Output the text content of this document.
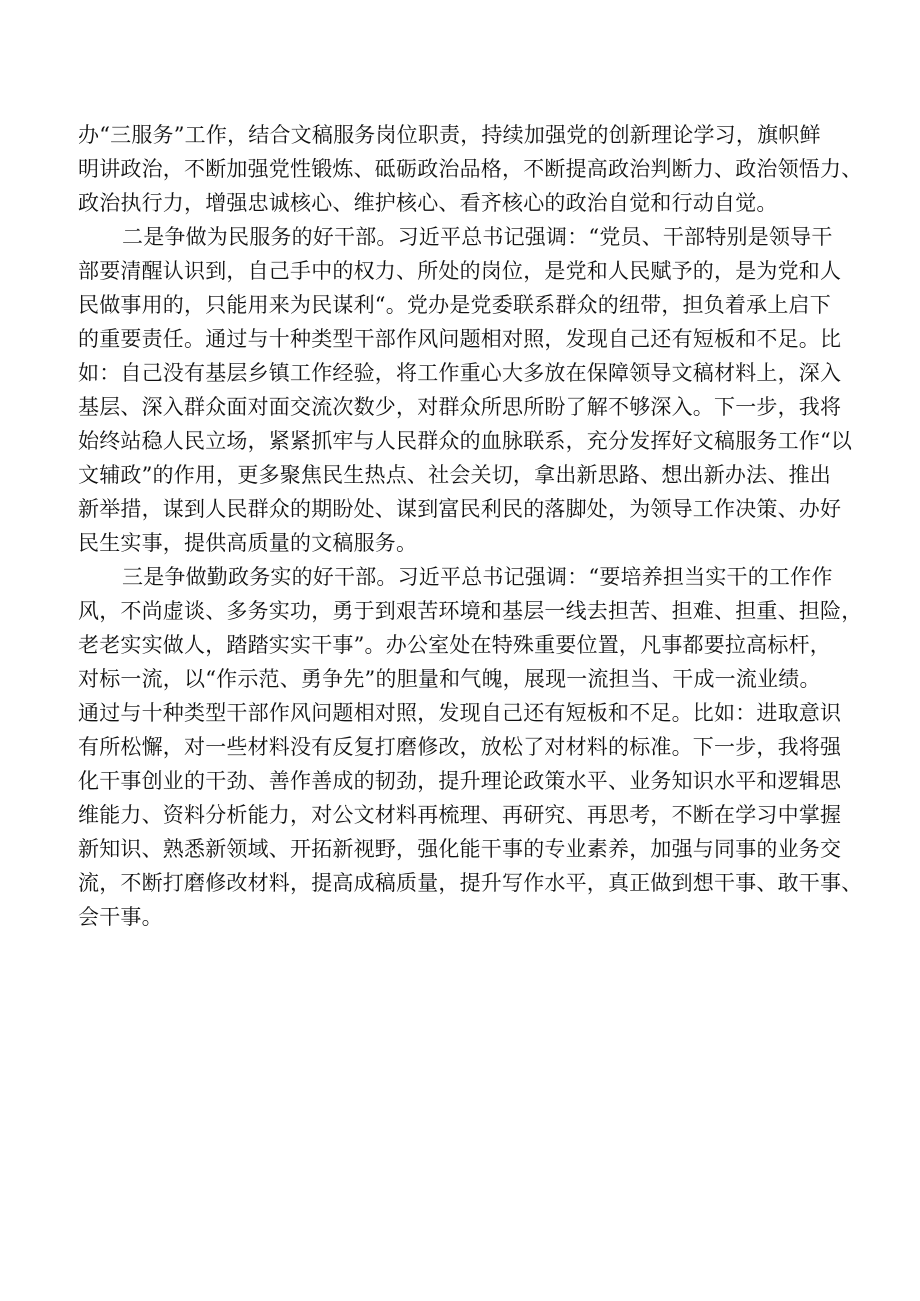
办“三服务”工作，结合文稿服务岗位职责，持续加强党的创新理论学习，旗帜鲜
明讲政治，不断加强党性锻炼、砥砺政治品格，不断提高政治判断力、政治领悟力、
政治执行力，增强忠诚核心、维护核心、看齐核心的政治自觉和行动自觉。
二是争做为民服务的好干部。习近平总书记强调：“党员、干部特别是领导干
部要清醒认识到，自己手中的权力、所处的岗位，是党和人民赋予的，是为党和人
民做事用的，只能用来为民谋利“。党办是党委联系群众的纽带，担负着承上启下
的重要责任。通过与十种类型干部作风问题相对照，发现自己还有短板和不足。比
如：自己没有基层乡镇工作经验，将工作重心大多放在保障领导文稿材料上，深入
基层、深入群众面对面交流次数少，对群众所思所盼了解不够深入。下一步，我将
始终站稳人民立场，紧紧抓牢与人民群众的血脉联系，充分发挥好文稿服务工作“以
文辅政”的作用，更多聚焦民生热点、社会关切，拿出新思路、想出新办法、推出
新举措，谋到人民群众的期盼处、谋到富民利民的落脚处，为领导工作决策、办好
民生实事，提供高质量的文稿服务。
三是争做勤政务实的好干部。习近平总书记强调：“要培养担当实干的工作作
风，不尚虚谈、多务实功，勇于到艰苦环境和基层一线去担苦、担难、担重、担险，
老老实实做人，踏踏实实干事”。办公室处在特殊重要位置，凡事都要拉高标杆，
对标一流，以“作示范、勇争先”的胆量和气魄，展现一流担当、干成一流业绩。
通过与十种类型干部作风问题相对照，发现自己还有短板和不足。比如：进取意识
有所松懈，对一些材料没有反复打磨修改，放松了对材料的标准。下一步，我将强
化干事创业的干劲、善作善成的韧劲，提升理论政策水平、业务知识水平和逻辑思
维能力、资料分析能力，对公文材料再梳理、再研究、再思考，不断在学习中掌握
新知识、熟悉新领域、开拓新视野，强化能干事的专业素养，加强与同事的业务交
流，不断打磨修改材料，提高成稿质量，提升写作水平，真正做到想干事、敢干事、
会干事。
